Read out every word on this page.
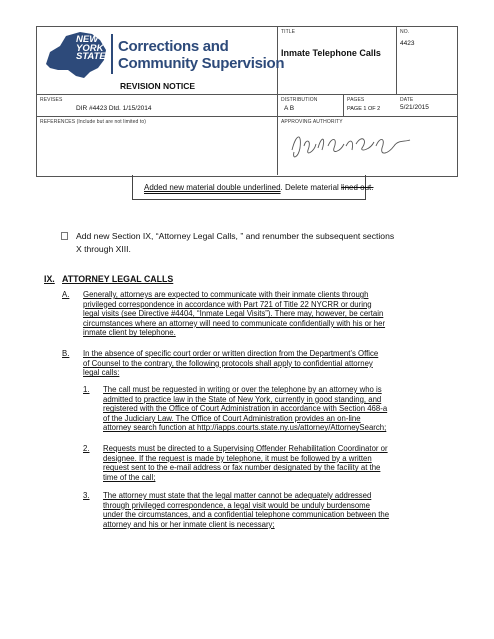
NEW
YORK
STATE
Corrections and
Community Supervision
REVISION NOTICE
TITLE
Inmate Telephone Calls
NO.
4423
REVISES
DIR #4423 Dtd. 1/15/2014
DISTRIBUTION
A B
PAGES
PAGE 1 OF 2
DATE
5/21/2015
REFERENCES (Include but are not limited to)	APPROVING AUTHORITY
Added new material double underlined. Delete material lined out.
Add new Section IX, “Attorney Legal Calls, ” and renumber the subsequent sections
X through XIII.
IX. ATTORNEY LEGAL CALLS
A. Generally, attorneys are expected to communicate with their inmate clients through
privileged correspondence in accordance with Part 721 of Title 22 NYCRR or during
legal visits (see Directive #4404, “Inmate Legal Visits”). There may, however, be certain
circumstances where an attorney will need to communicate confidentially with his or her
inmate client by telephone.
B. In the absence of specific court order or written direction from the Department’s Office
of Counsel to the contrary, the following protocols shall apply to confidential attorney
legal calls:
1. The call must be requested in writing or over the telephone by an attorney who is
admitted to practice law in the State of New York, currently in good standing, and
registered with the Office of Court Administration in accordance with Section 468-a
of the Judiciary Law. The Office of Court Administration provides an on-line
attorney search function at http://iapps.courts.state.ny.us/attorney/AttorneySearch;
2. Requests must be directed to a Supervising Offender Rehabilitation Coordinator or
designee. If the request is made by telephone, it must be followed by a written
request sent to the e-mail address or fax number designated by the facility at the
time of the call;
3. The attorney must state that the legal matter cannot be adequately addressed
through privileged correspondence, a legal visit would be unduly burdensome
under the circumstances, and a confidential telephone communication between the
attorney and his or her inmate client is necessary;
